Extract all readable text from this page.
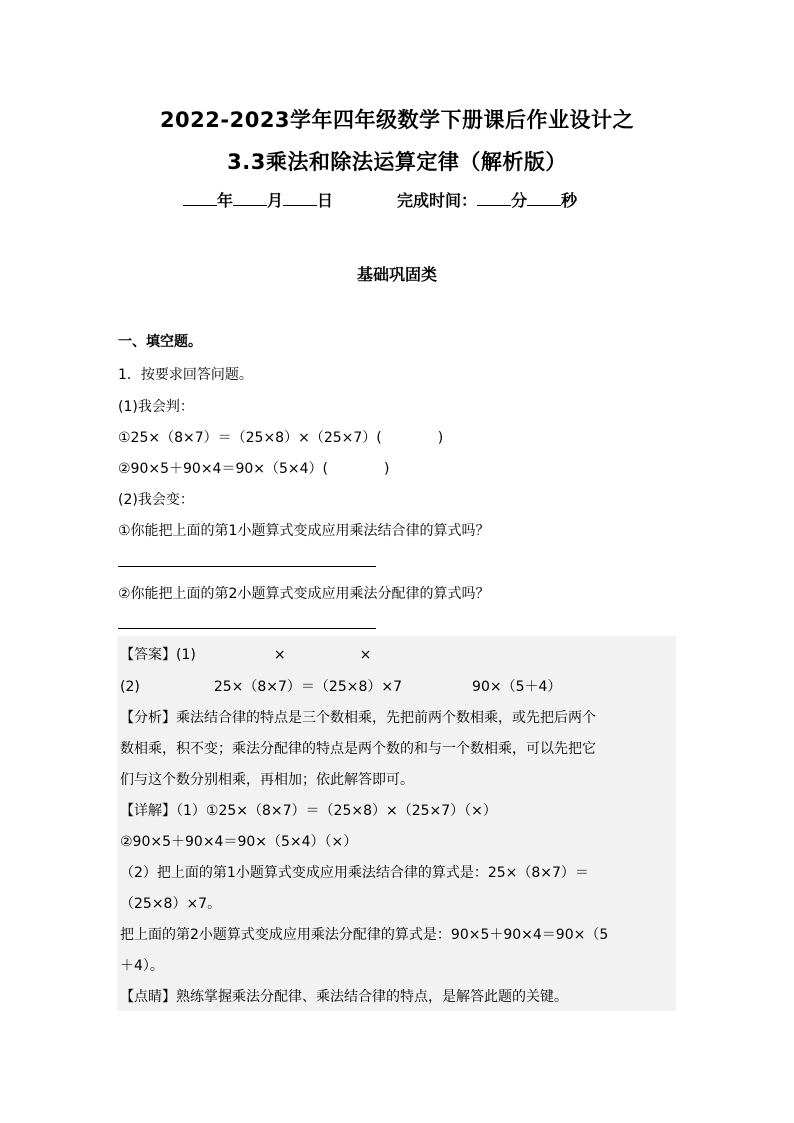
2022-2023学年四年级数学下册课后作业设计之
3.3乘法和除法运算定律（解析版）
年 月 日	完成时间： 分 秒
基础巩固类
一、填空题。
1．按要求回答问题。
(1)我会判：
①25×（8×7）＝（25×8）×（25×7）(　　　　)
②90×5＋90×4＝90×（5×4）(　　　　)
(2)我会变：
①你能把上面的第1小题算式变成应用乘法结合律的算式吗？
②你能把上面的第2小题算式变成应用乘法分配律的算式吗？
【答案】(1)	×	×
(2)	25×（8×7）＝（25×8）×7	90×（5＋4）
【分析】乘法结合律的特点是三个数相乘，先把前两个数相乘，或先把后两个
数相乘，积不变；乘法分配律的特点是两个数的和与一个数相乘，可以先把它
们与这个数分别相乘，再相加；依此解答即可。
【详解】（1）①25×（8×7）＝（25×8）×（25×7）（×）
②90×5＋90×4＝90×（5×4）（×）
（2）把上面的第1小题算式变成应用乘法结合律的算式是：25×（8×7）＝
（25×8）×7。
把上面的第2小题算式变成应用乘法分配律的算式是：90×5＋90×4＝90×（5
＋4）。
【点睛】熟练掌握乘法分配律、乘法结合律的特点，是解答此题的关键。
